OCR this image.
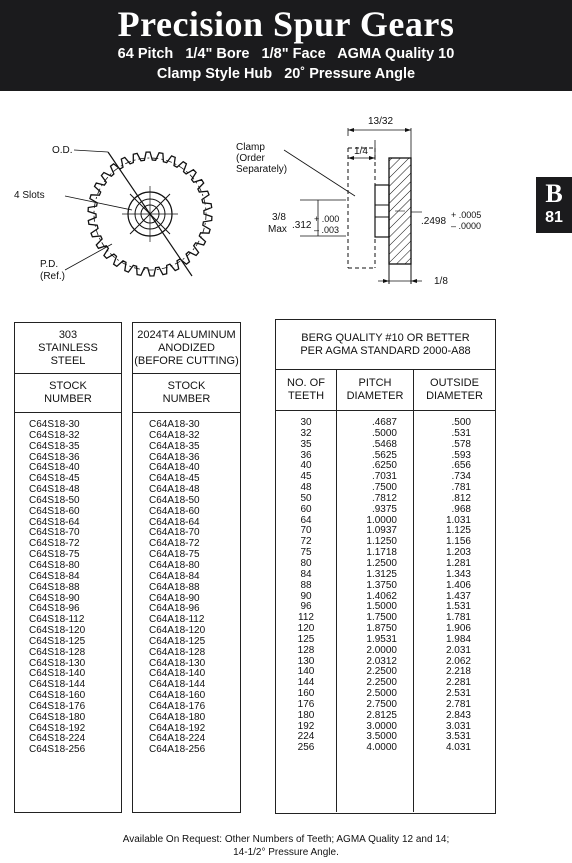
Precision Spur Gears
64 Pitch   1/4" Bore   1/8" Face   AGMA Quality 10
Clamp Style Hub   20˚ Pressure Angle
B
81
O.D.
4 Slots
P.D.
(Ref.)
13/32
1/4
Clamp
(Order
Separately)
3/8
Max .312
+ .000
– .003
.2498
+ .0005
– .0000
1/8
303
STAINLESS
STEEL
STOCK
NUMBER
C64S18-30
C64S18-32
C64S18-35
C64S18-36
C64S18-40
C64S18-45
C64S18-48
C64S18-50
C64S18-60
C64S18-64
C64S18-70
C64S18-72
C64S18-75
C64S18-80
C64S18-84
C64S18-88
C64S18-90
C64S18-96
C64S18-112
C64S18-120
C64S18-125
C64S18-128
C64S18-130
C64S18-140
C64S18-144
C64S18-160
C64S18-176
C64S18-180
C64S18-192
C64S18-224
C64S18-256
2024T4 ALUMINUM
ANODIZED
(BEFORE CUTTING)
STOCK
NUMBER
C64A18-30
C64A18-32
C64A18-35
C64A18-36
C64A18-40
C64A18-45
C64A18-48
C64A18-50
C64A18-60
C64A18-64
C64A18-70
C64A18-72
C64A18-75
C64A18-80
C64A18-84
C64A18-88
C64A18-90
C64A18-96
C64A18-112
C64A18-120
C64A18-125
C64A18-128
C64A18-130
C64A18-140
C64A18-144
C64A18-160
C64A18-176
C64A18-180
C64A18-192
C64A18-224
C64A18-256
BERG QUALITY #10 OR BETTER
PER AGMA STANDARD 2000-A88
NO. OF
TEETH
30
32
35
36
40
45
48
50
60
64
70
72
75
80
84
88
90
96
112
120
125
128
130
140
144
160
176
180
192
224
256
PITCH
DIAMETER
.4687
.5000
.5468
.5625
.6250
.7031
.7500
.7812
.9375
1.0000
1.0937
1.1250
1.1718
1.2500
1.3125
1.3750
1.4062
1.5000
1.7500
1.8750
1.9531
2.0000
2.0312
2.2500
2.2500
2.5000
2.7500
2.8125
3.0000
3.5000
4.0000
OUTSIDE
DIAMETER
.500
.531
.578
.593
.656
.734
.781
.812
.968
1.031
1.125
1.156
1.203
1.281
1.343
1.406
1.437
1.531
1.781
1.906
1.984
2.031
2.062
2.218
2.281
2.531
2.781
2.843
3.031
3.531
4.031
Available On Request: Other Numbers of Teeth; AGMA Quality 12 and 14;
14-1/2° Pressure Angle.
